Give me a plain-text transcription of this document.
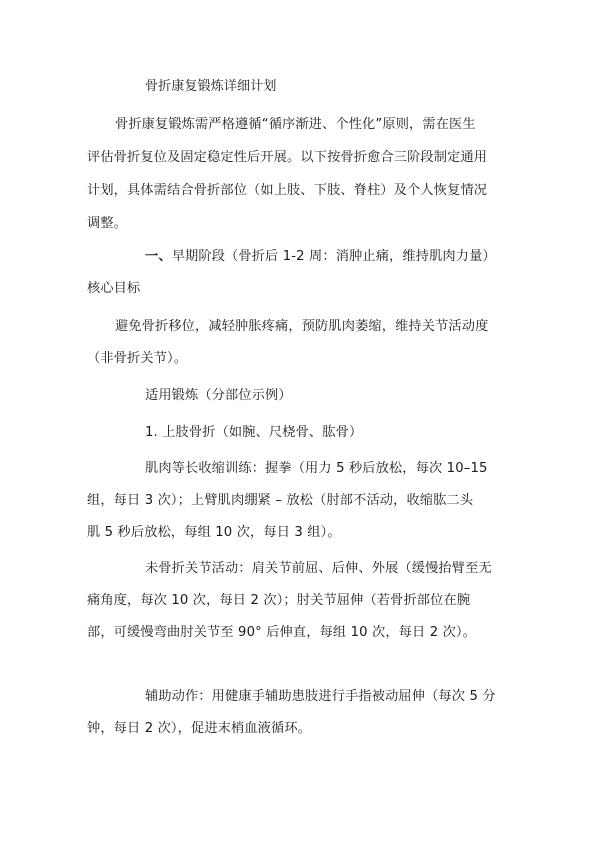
骨折康复锻炼详细计划
骨折康复锻炼需严格遵循“循序渐进、个性化”原则，需在医生
评估骨折复位及固定稳定性后开展。以下按骨折愈合三阶段制定通用
计划，具体需结合骨折部位（如上肢、下肢、脊柱）及个人恢复情况
调整。
一、早期阶段（骨折后 1-2 周：消肿止痛，维持肌肉力量）
核心目标
避免骨折移位，减轻肿胀疼痛，预防肌肉萎缩，维持关节活动度
（非骨折关节）。
适用锻炼（分部位示例）
1. 上肢骨折（如腕、尺桡骨、肱骨）
肌肉等长收缩训练：握拳（用力 5 秒后放松，每次 10–15
组，每日 3 次）；上臂肌肉绷紧 – 放松（肘部不活动，收缩肱二头
肌 5 秒后放松，每组 10 次，每日 3 组）。
未骨折关节活动：肩关节前屈、后伸、外展（缓慢抬臂至无
痛角度，每次 10 次，每日 2 次）；肘关节屈伸（若骨折部位在腕
部，可缓慢弯曲肘关节至 90° 后伸直，每组 10 次，每日 2 次）。
辅助动作：用健康手辅助患肢进行手指被动屈伸（每次 5 分
钟，每日 2 次），促进末梢血液循环。
